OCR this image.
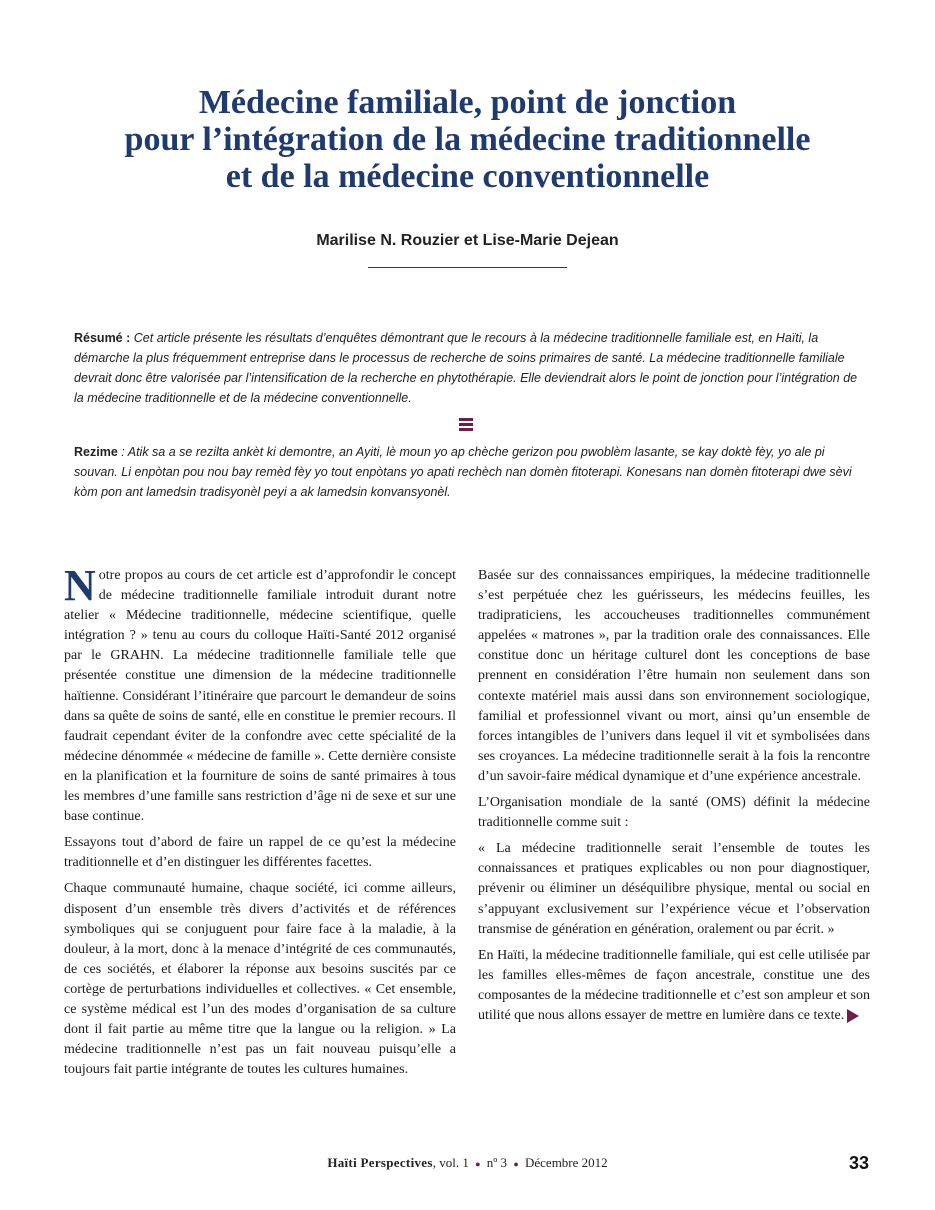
Médecine familiale, point de jonction
pour l’intégration de la médecine traditionnelle
et de la médecine conventionnelle
Marilise N. Rouzier et Lise-Marie Dejean

Résumé : Cet article présente les résultats d’enquêtes démontrant que le recours à la médecine traditionnelle familiale est, en Haïti, la démarche la plus fréquemment entreprise dans le processus de recherche de soins primaires de santé. La médecine traditionnelle familiale devrait donc être valorisée par l’intensification de la recherche en phytothérapie. Elle deviendrait alors le point de jonction pour l’intégration de la médecine traditionnelle et de la médecine conventionnelle.

Rezime : Atik sa a se rezilta ankèt ki demontre, an Ayiti, lè moun yo ap chèche gerizon pou pwoblèm lasante, se kay doktè fèy, yo ale pi souvan. Li enpòtan pou nou bay remèd fèy yo tout enpòtans yo apati rechèch nan domèn fitoterapi. Konesans nan domèn fitoterapi dwe sèvi kòm pon ant lamedsin tradisyonèl peyi a ak lamedsin konvansyonèl.

Notre propos au cours de cet article est d’approfondir le concept de médecine traditionnelle familiale introduit durant notre atelier « Médecine traditionnelle, médecine scientifique, quelle intégration ? » tenu au cours du colloque Haïti-Santé 2012 organisé par le GRAHN. La médecine traditionnelle familiale telle que présentée constitue une dimension de la médecine traditionnelle haïtienne. Considérant l’itinéraire que parcourt le demandeur de soins dans sa quête de soins de santé, elle en constitue le premier recours. Il faudrait cependant éviter de la confondre avec cette spécialité de la médecine dénommée « médecine de famille ». Cette dernière consiste en la planification et la fourniture de soins de santé primaires à tous les membres d’une famille sans restriction d’âge ni de sexe et sur une base continue.

Essayons tout d’abord de faire un rappel de ce qu’est la médecine traditionnelle et d’en distinguer les différentes facettes.

Chaque communauté humaine, chaque société, ici comme ailleurs, disposent d’un ensemble très divers d’activités et de références symboliques qui se conjuguent pour faire face à la maladie, à la douleur, à la mort, donc à la menace d’intégrité de ces communautés, de ces sociétés, et élaborer la réponse aux besoins suscités par ce cortège de perturbations individuelles et collectives. « Cet ensemble, ce système médical est l’un des modes d’organisation de sa culture dont il fait partie au même titre que la langue ou la religion. » La médecine traditionnelle n’est pas un fait nouveau puisqu’elle a toujours fait partie intégrante de toutes les cultures humaines.

Basée sur des connaissances empiriques, la médecine traditionnelle s’est perpétuée chez les guérisseurs, les médecins feuilles, les tradipraticiens, les accoucheuses traditionnelles communément appelées « matrones », par la tradition orale des connaissances. Elle constitue donc un héritage culturel dont les conceptions de base prennent en considération l’être humain non seulement dans son contexte matériel mais aussi dans son environnement sociologique, familial et professionnel vivant ou mort, ainsi qu’un ensemble de forces intangibles de l’univers dans lequel il vit et symbolisées dans ses croyances. La médecine traditionnelle serait à la fois la rencontre d’un savoir-faire médical dynamique et d’une expérience ancestrale.

L’Organisation mondiale de la santé (OMS) définit la médecine traditionnelle comme suit :

« La médecine traditionnelle serait l’ensemble de toutes les connaissances et pratiques explicables ou non pour diagnostiquer, prévenir ou éliminer un déséquilibre physique, mental ou social en s’appuyant exclusivement sur l’expérience vécue et l’observation transmise de génération en génération, oralement ou par écrit. »

En Haïti, la médecine traditionnelle familiale, qui est celle utilisée par les familles elles-mêmes de façon ancestrale, constitue une des composantes de la médecine traditionnelle et c’est son ampleur et son utilité que nous allons essayer de mettre en lumière dans ce texte.

Haïti Perspectives, vol. 1 ● nº 3 ● Décembre 2012	33
